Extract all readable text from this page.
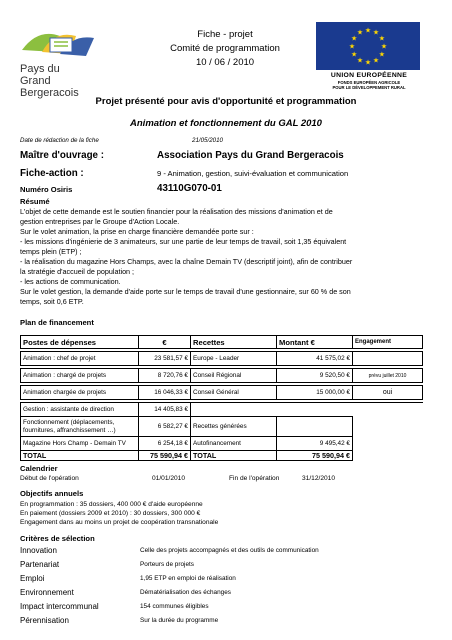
Pays du
Grand Bergeracois
Fiche - projet
Comité de programmation
10 / 06 / 2010
★ ★
★
★
★
★
★
★
★
★
★
★
UNION EUROPÉENNE
FONDS EUROPÉEN AGRICOLE
POUR LE DÉVELOPPEMENT RURAL
Projet présenté pour avis d'opportunité et programmation
Animation et fonctionnement du GAL 2010
Date de rédaction de la fiche	21/05/2010
Maître d'ouvrage :	Association Pays du Grand Bergeracois
Fiche-action :	9 - Animation, gestion, suivi-évaluation et communication
Numéro Osiris	43110G070-01
Résumé
L'objet de cette demande est le soutien financier pour la réalisation des missions d'animation et de
gestion entreprises par le Groupe d'Action Locale.
Sur le volet animation, la prise en charge financière demandée porte sur :
- les missions d'ingénierie de 3 animateurs, sur une partie de leur temps de travail, soit 1,35 équivalent
temps plein (ETP) ;
- la réalisation du magazine Hors Champs, avec la chaîne Demain TV (descriptif joint), afin de contribuer
la stratégie d'accueil de population ;
- les actions de communication.
Sur le volet gestion, la demande d'aide porte sur le temps de travail d'une gestionnaire, sur 60 % de son
temps, soit 0,6 ETP.
Plan de financement
Postes de dépenses	€	Recettes	Montant €	Engagement

Animation : chef de projet	23 581,57 €	Europe - Leader	41 575,02 €	

Animation : chargé de projets	8 720,76 €	Conseil Régional	9 520,50 €	prévu juillet 2010

Animation chargée de projets	16 046,33 €	Conseil Général	15 000,00 €	oui

Gestion : assistante de direction	14 405,83 €			
Fonctionnement (déplacements, fournitures, affranchissement …)	6 582,27 €	Recettes générées		
Magazine Hors Champ - Demain TV	6 254,18 €	Autofinancement	9 495,42 €	
TOTAL	75 590,94 €	TOTAL	75 590,94 €	
Calendrier
Début de l'opération	01/01/2010	Fin de l'opération	31/12/2010
Objectifs annuels
En programmation : 35 dossiers, 400 000 € d'aide européenne
En paiement (dossiers 2009 et 2010) : 30 dossiers, 300 000 €
Engagement dans au moins un projet de coopération transnationale
Critères de sélection
Innovation	Celle des projets accompagnés et des outils de communication
Partenariat	Porteurs de projets
Emploi	1,95 ETP en emploi de réalisation
Environnement	Dématérialisation des échanges
Impact intercommunal	154 communes éligibles
Pérennisation	Sur la durée du programme
